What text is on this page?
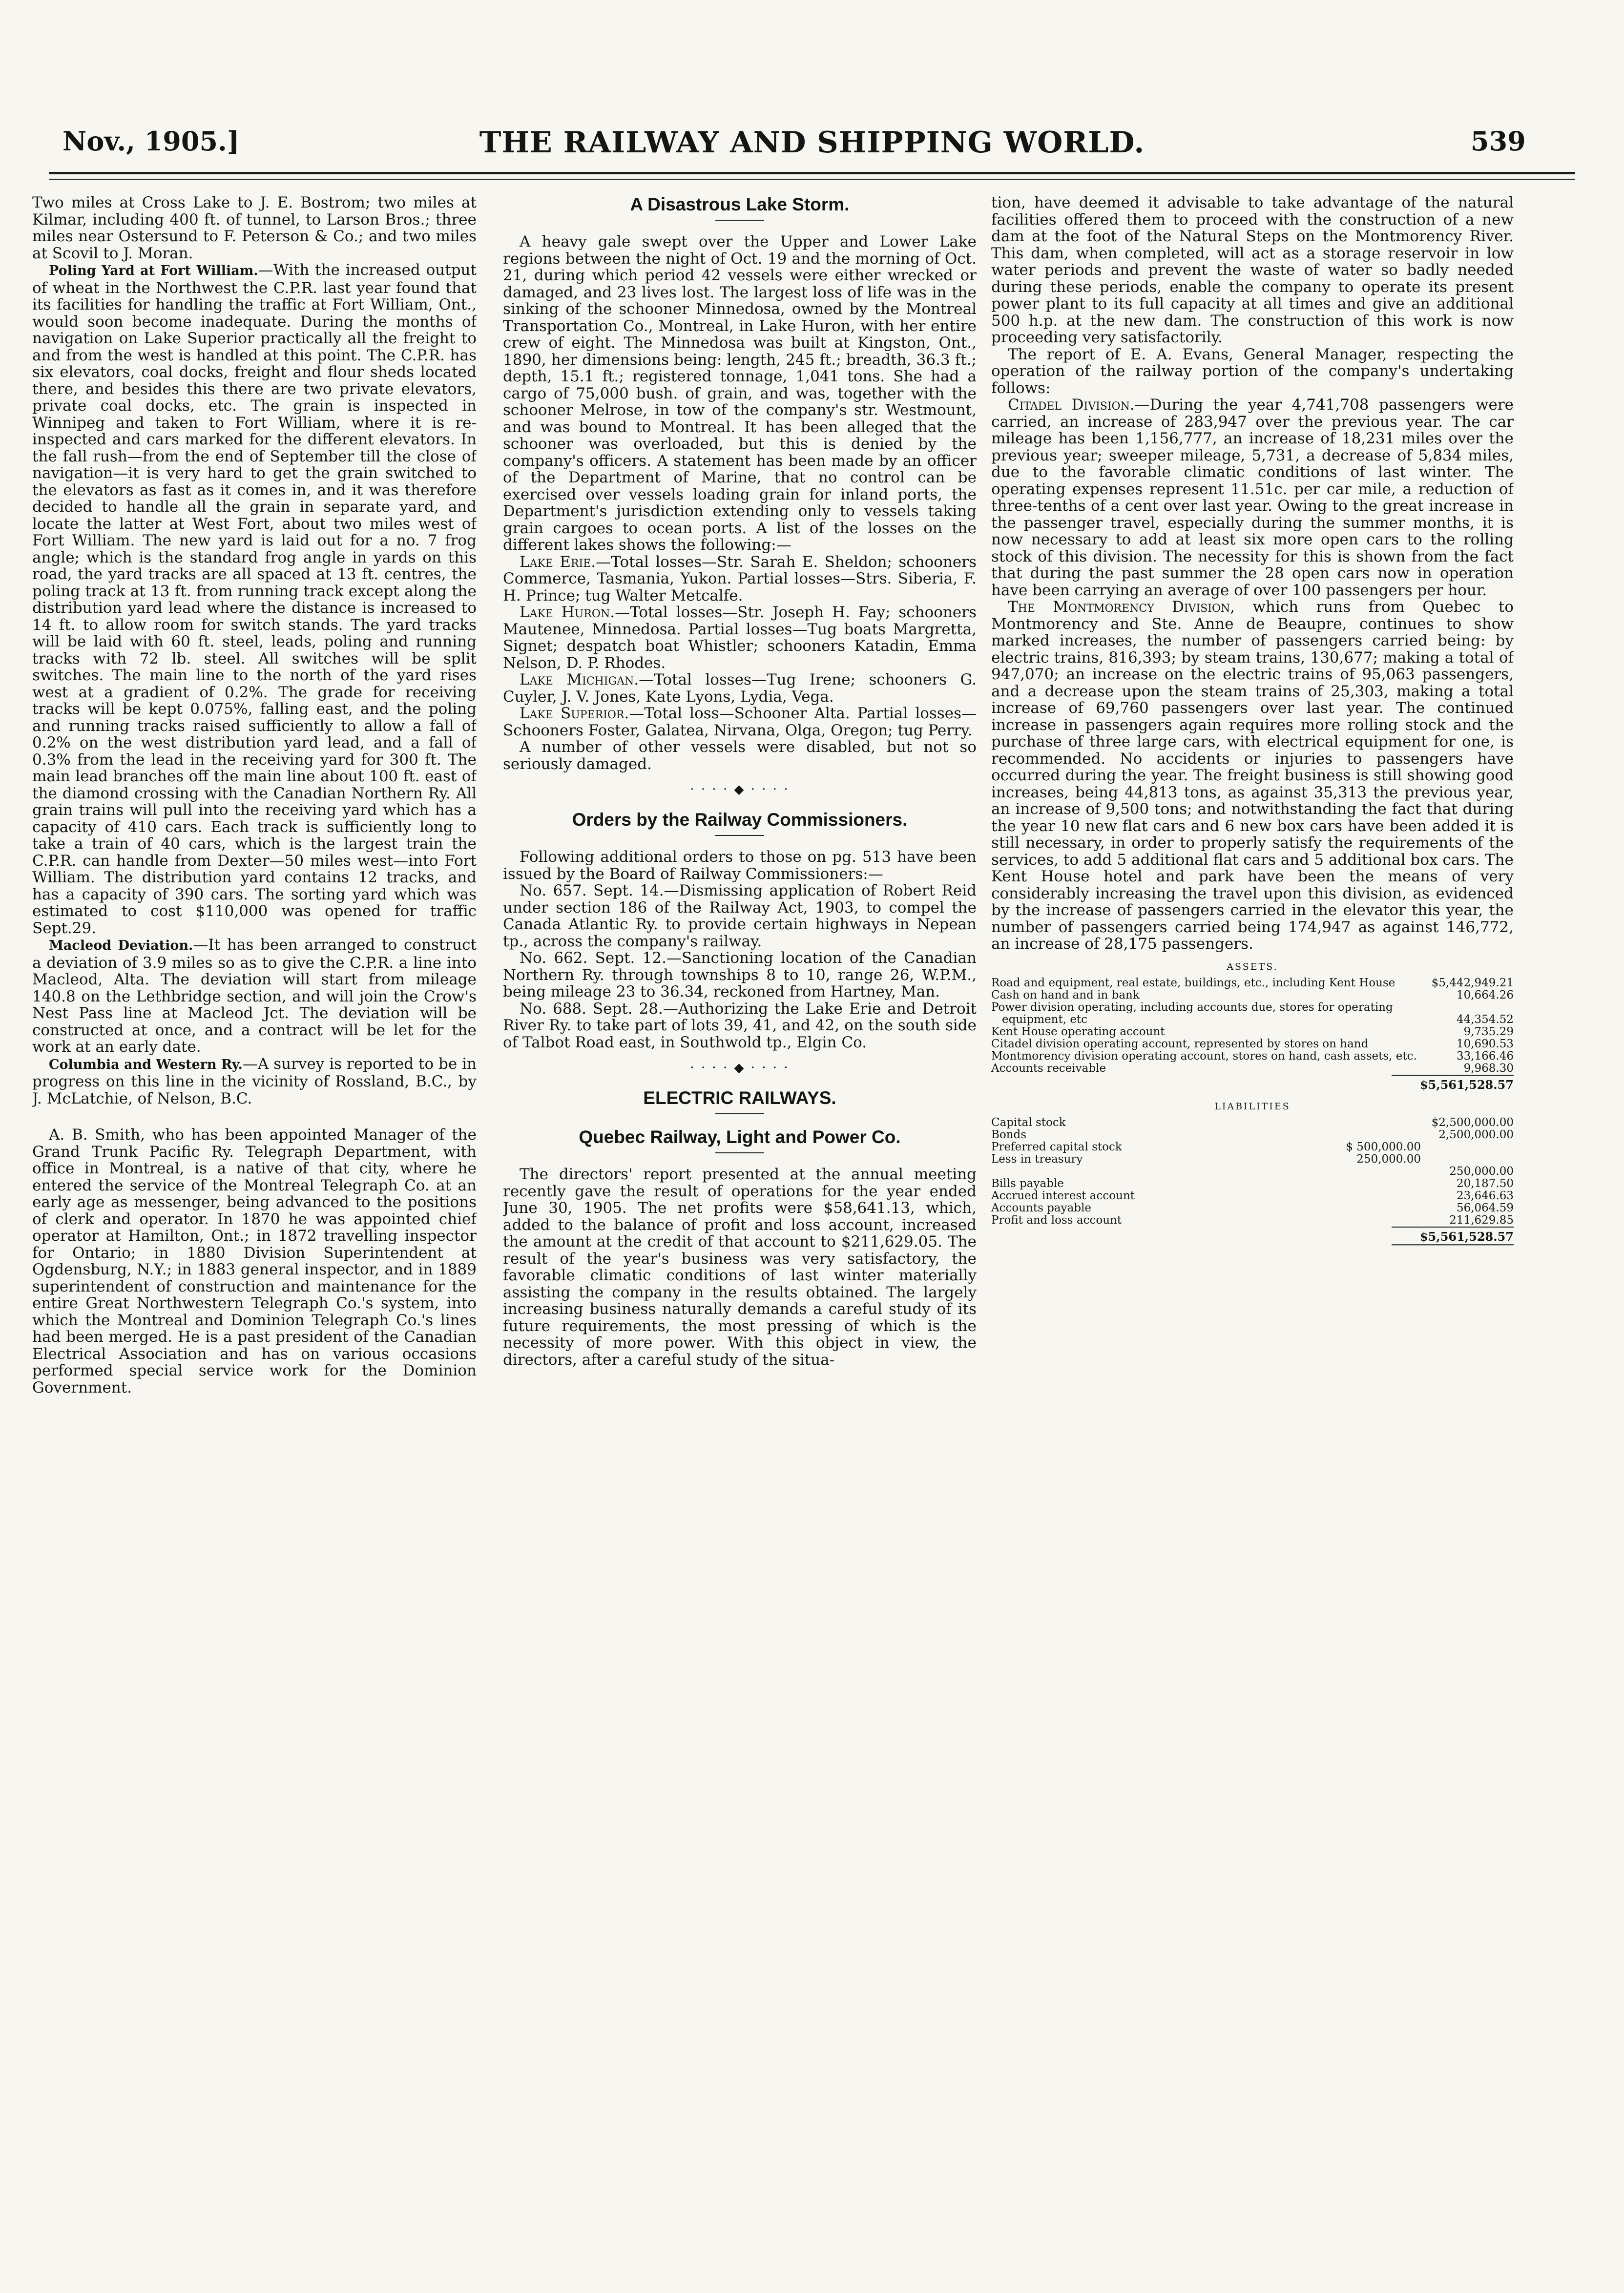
Nov., 1905.]	THE RAILWAY AND SHIPPING WORLD.	539

Two miles at Cross Lake to J. E. Bostrom; two miles at Kilmar, including 400 ft. of tunnel, to Larson Bros.; three miles near Ostersund to F. Peterson & Co.; and two miles at Scovil to J. Moran.

Poling Yard at Fort William.—With the increased output of wheat in the Northwest the C.P.R. last year found that its facilities for handling the traffic at Fort William, Ont., would soon become inadequate. During the months of navigation on Lake Superior practically all the freight to and from the west is handled at this point. The C.P.R. has six elevators, coal docks, freight and flour sheds located there, and besides this there are two private elevators, private coal docks, etc. The grain is inspected in Winnipeg and taken to Fort William, where it is re-inspected and cars marked for the different elevators. In the fall rush—from the end of September till the close of navigation—it is very hard to get the grain switched to the elevators as fast as it comes in, and it was therefore decided to handle all the grain in separate yard, and locate the latter at West Fort, about two miles west of Fort William. The new yard is laid out for a no. 7 frog angle; which is the standard frog angle in yards on this road, the yard tracks are all spaced at 13 ft. centres, the poling track at 13 ft. from running track except along the distribution yard lead where the distance is increased to 14 ft. to allow room for switch stands. The yard tracks will be laid with 60 ft. steel, leads, poling and running tracks with 72 lb. steel. All switches will be split switches. The main line to the north of the yard rises west at a gradient of 0.2%. The grade for receiving tracks will be kept 0.075%, falling east, and the poling and running tracks raised sufficiently to allow a fall of 0.2% on the west distribution yard lead, and a fall of 0.3% from the lead in the receiving yard for 300 ft. The main lead branches off the main line about 100 ft. east of the diamond crossing with the Canadian Northern Ry. All grain trains will pull into the receiving yard which has a capacity of 410 cars. Each track is sufficiently long to take a train of 40 cars, which is the largest train the C.P.R. can handle from Dexter—50 miles west—into Fort William. The distribution yard contains 12 tracks, and has a capacity of 390 cars. The sorting yard which was estimated to cost $110,000 was opened for traffic Sept.29.

Macleod Deviation.—It has been arranged to construct a deviation of 3.9 miles so as to give the C.P.R. a line into Macleod, Alta. The deviation will start from mileage 140.8 on the Lethbridge section, and will join the Crow's Nest Pass line at Macleod Jct. The deviation will be constructed at once, and a contract will be let for the work at an early date.

Columbia and Western Ry.—A survey is reported to be in progress on this line in the vicinity of Rossland, B.C., by J. McLatchie, of Nelson, B.C.

A. B. Smith, who has been appointed Manager of the Grand Trunk Pacific Ry. Telegraph Department, with office in Montreal, is a native of that city, where he entered the service of the Montreal Telegraph Co. at an early age as messenger, being advanced to the positions of clerk and operator. In 1870 he was appointed chief operator at Hamilton, Ont.; in 1872 travelling inspector for Ontario; in 1880 Division Superintendent at Ogdensburg, N.Y.; in 1883 general inspector, and in 1889 superintendent of construction and maintenance for the entire Great Northwestern Telegraph Co.'s system, into which the Montreal and Dominion Telegraph Co.'s lines had been merged. He is a past president of the Canadian Electrical Association and has on various occasions performed special service work for the Dominion Government.

A Disastrous Lake Storm.

A heavy gale swept over the Upper and Lower Lake regions between the night of Oct. 19 and the morning of Oct. 21, during which period 42 vessels were either wrecked or damaged, and 23 lives lost. The largest loss of life was in the sinking of the schooner Minnedosa, owned by the Montreal Transportation Co., Montreal, in Lake Huron, with her entire crew of eight. The Minnedosa was built at Kingston, Ont., 1890, her dimensions being: length, 245 ft.; breadth, 36.3 ft.; depth, 15.1 ft.; registered tonnage, 1,041 tons. She had a cargo of 75,000 bush. of grain, and was, together with the schooner Melrose, in tow of the company's str. Westmount, and was bound to Montreal. It has been alleged that the schooner was overloaded, but this is denied by the company's officers. A statement has been made by an officer of the Department of Marine, that no control can be exercised over vessels loading grain for inland ports, the Department's jurisdiction extending only to vessels taking grain cargoes to ocean ports. A list of the losses on the different lakes shows the following:—

Lake Erie.—Total losses—Str. Sarah E. Sheldon; schooners Commerce, Tasmania, Yukon. Partial losses—Strs. Siberia, F. H. Prince; tug Walter Metcalfe.

Lake Huron.—Total losses—Str. Joseph H. Fay; schooners Mautenee, Minnedosa. Partial losses—Tug boats Margretta, Signet; despatch boat Whistler; schooners Katadin, Emma Nelson, D. P. Rhodes.

Lake Michigan.—Total losses—Tug Irene; schooners G. Cuyler, J. V. Jones, Kate Lyons, Lydia, Vega.

Lake Superior.—Total loss—Schooner Alta. Partial losses—Schooners Foster, Galatea, Nirvana, Olga, Oregon; tug Perry.

A number of other vessels were disabled, but not so seriously damaged.

· · · · ◆ · · · ·
Orders by the Railway Commissioners.

Following additional orders to those on pg. 513 have been issued by the Board of Railway Commissioners:—

No. 657. Sept. 14.—Dismissing application of Robert Reid under section 186 of the Railway Act, 1903, to compel the Canada Atlantic Ry. to provide certain highways in Nepean tp., across the company's railway.

No. 662. Sept. 12.—Sanctioning location of the Canadian Northern Ry. through townships 8 to 10, range 26, W.P.M., being mileage 23 to 36.34, reckoned from Hartney, Man.

No. 688. Sept. 28.—Authorizing the Lake Erie and Detroit River Ry. to take part of lots 39, 41, and 42, on the south side of Talbot Road east, in Southwold tp., Elgin Co.

· · · · ◆ · · · ·
ELECTRIC RAILWAYS.
Quebec Railway, Light and Power Co.

The directors' report presented at the annual meeting recently gave the result of operations for the year ended June 30, 1905. The net profits were $58,641.13, which, added to the balance of profit and loss account, increased the amount at the credit of that account to $211,629.05. The result of the year's business was very satisfactory, the favorable climatic conditions of last winter materially assisting the company in the results obtained. The largely increasing business naturally demands a careful study of its future requirements, the most pressing of which is the necessity of more power. With this object in view, the directors, after a careful study of the situa-

tion, have deemed it advisable to take advantage of the natural facilities offered them to proceed with the construction of a new dam at the foot of the Natural Steps on the Montmorency River. This dam, when completed, will act as a storage reservoir in low water periods and prevent the waste of water so badly needed during these periods, enable the company to operate its present power plant to its full capacity at all times and give an additional 500 h.p. at the new dam. The construction of this work is now proceeding very satisfactorily.

The report of E. A. Evans, General Manager, respecting the operation of the railway portion of the company's undertaking follows:

Citadel Division.—During the year 4,741,708 passengers were carried, an increase of 283,947 over the previous year. The car mileage has been 1,156,777, an increase of 18,231 miles over the previous year; sweeper mileage, 5,731, a decrease of 5,834 miles, due to the favorable climatic conditions of last winter. The operating expenses represent 11.51c. per car mile, a reduction of three-tenths of a cent over last year. Owing to the great increase in the passenger travel, especially during the summer months, it is now necessary to add at least six more open cars to the rolling stock of this division. The necessity for this is shown from the fact that during the past summer the 28 open cars now in operation have been carrying an average of over 100 passengers per hour.

The Montmorency Division, which runs from Quebec to Montmorency and Ste. Anne de Beaupre, continues to show marked increases, the number of passengers carried being: by electric trains, 816,393; by steam trains, 130,677; making a total of 947,070; an increase on the electric trains of 95,063 passengers, and a decrease upon the steam trains of 25,303, making a total increase of 69,760 passengers over last year. The continued increase in passengers again requires more rolling stock and the purchase of three large cars, with electrical equipment for one, is recommended. No accidents or injuries to passengers have occurred during the year. The freight business is still showing good increases, being 44,813 tons, as against 35,313 the previous year, an increase of 9,500 tons; and notwithstanding the fact that during the year 10 new flat cars and 6 new box cars have been added it is still necessary, in order to properly satisfy the requirements of the services, to add 5 additional flat cars and 5 additional box cars. The Kent House hotel and park have been the means of very considerably increasing the travel upon this division, as evidenced by the increase of passengers carried in the elevator this year, the number of passengers carried being 174,947 as against 146,772, an increase of 28,175 passengers.

ASSETS.
Road and equipment, real estate, buildings, etc., including Kent House	$5,442,949.21
Cash on hand and in bank	10,664.26
Power division operating, including accounts due, stores for operating equipment, etc	44,354.52
Kent House operating account	9,735.29
Citadel division operating account, represented by stores on hand	10,690.53
Montmorency division operating account, stores on hand, cash assets, etc.	33,166.46
Accounts receivable	9,968.30
$5,561,528.57
LIABILITIES
Capital stock	$2,500,000.00
Bonds	2,500,000.00
Preferred capital stock	$ 500,000.00
Less in treasury	250,000.00
250,000.00
Bills payable	20,187.50
Accrued interest account	23,646.63
Accounts payable	56,064.59
Profit and loss account	211,629.85
$5,561,528.57
